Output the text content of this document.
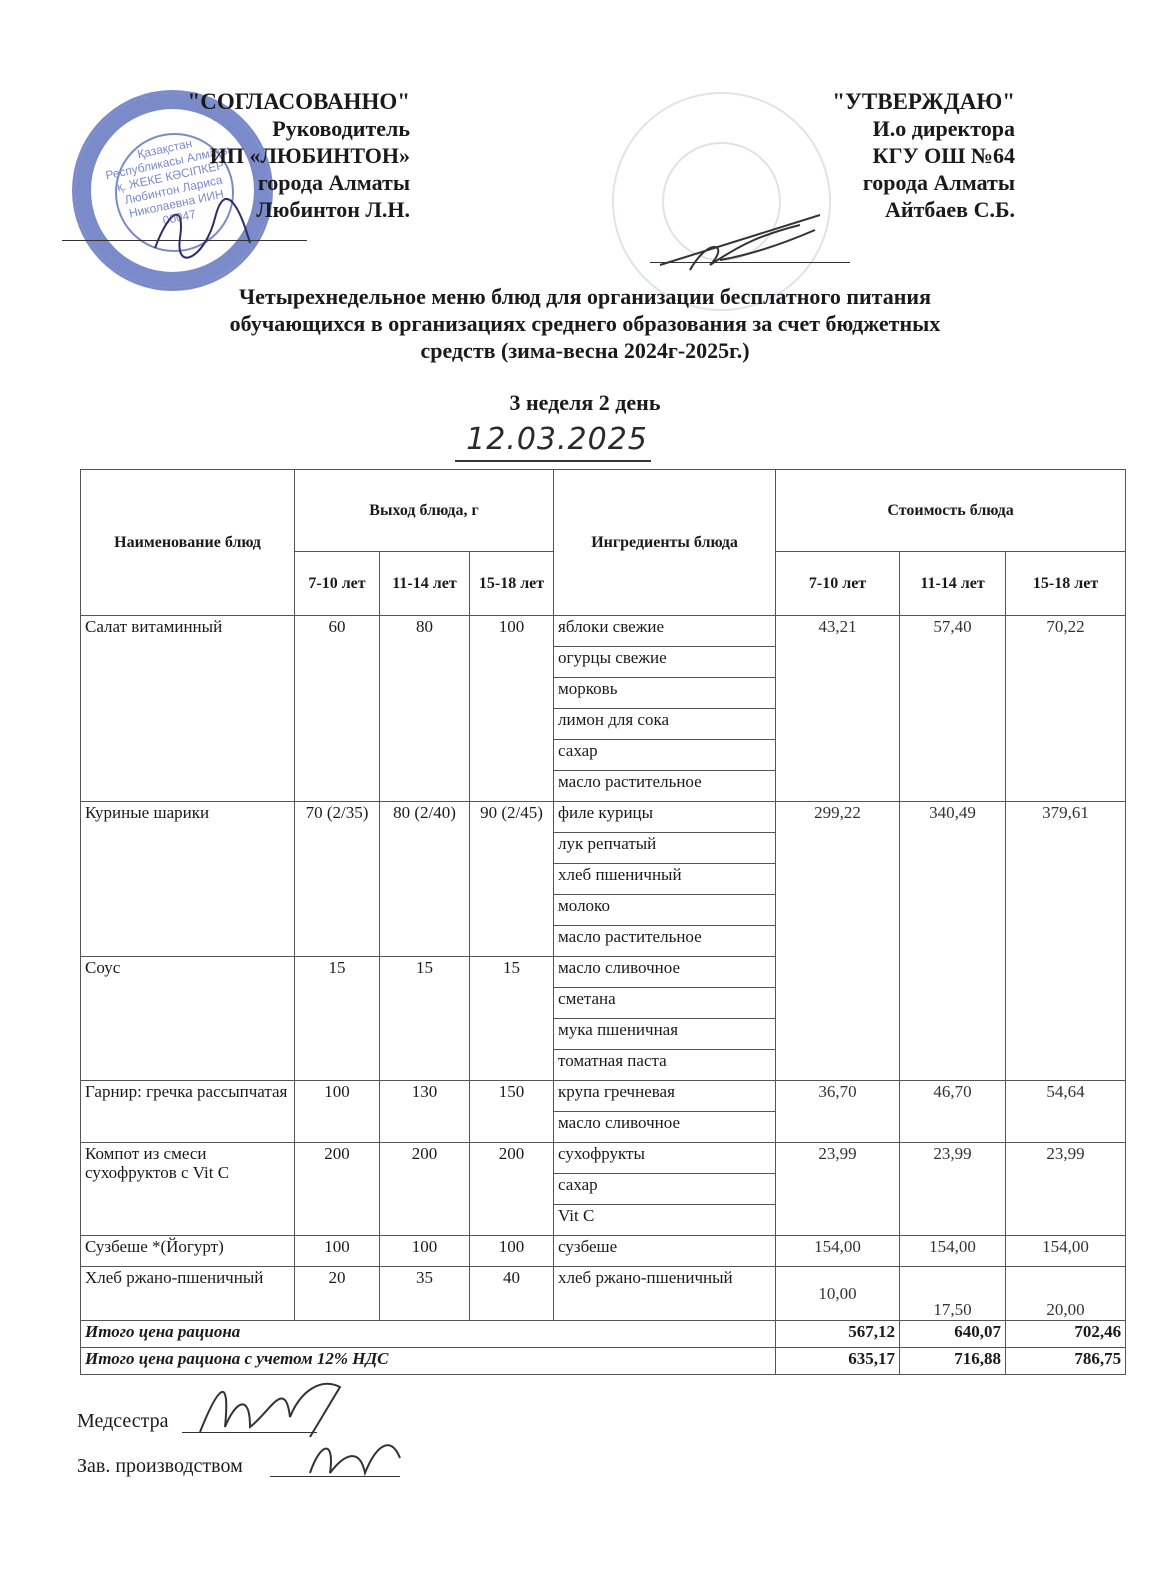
Қазақстан Республикасы Алматы қ. ЖЕКЕ КӘСІПКЕР Любинтон Лариса Николаевна ИИН 00047
"СОГЛАСОВАННО"
Руководитель
ИП «ЛЮБИНТОН»
города Алматы
Любинтон Л.Н.
"УТВЕРЖДАЮ"
И.о директора
КГУ ОШ №64
города Алматы
Айтбаев С.Б.
Четырехнедельное меню блюд для организации бесплатного питания
обучающихся в организациях среднего образования за счет бюджетных
средств (зима-весна 2024г-2025г.)
3 неделя 2 день
12.03.2025
Наименование блюд	Выход блюда, г			Ингредиенты блюда	Стоимость блюда		
	7-10 лет	11-14 лет	15-18 лет		7-10 лет	11-14 лет	15-18 лет
Салат витаминный	60	80	100	яблоки свежие	43,21	57,40	70,22
				огурцы свежие			
				морковь			
				лимон для сока			
				сахар			
				масло растительное			
Куриные шарики	70 (2/35)	80 (2/40)	90 (2/45)	филе курицы	299,22	340,49	379,61
				лук репчатый			
				хлеб пшеничный			
				молоко			
				масло растительное			
Соус	15	15	15	масло сливочное			
				сметана			
				мука пшеничная			
				томатная паста			
Гарнир: гречка рассыпчатая	100	130	150	крупа гречневая	36,70	46,70	54,64
				масло сливочное			
Компот из смеси сухофруктов с Vit C	200	200	200	сухофрукты	23,99	23,99	23,99
				сахар			
				Vit C			
Сузбеше *(Йогурт)	100	100	100	сузбеше	154,00	154,00	154,00
Хлеб ржано-пшеничный	20	35	40	хлеб ржано-пшеничный	10,00	17,50	20,00
Итого цена рациона					567,12	640,07	702,46
Итого цена рациона с учетом 12% НДС					635,17	716,88	786,75
Медсестра
Зав. производством
